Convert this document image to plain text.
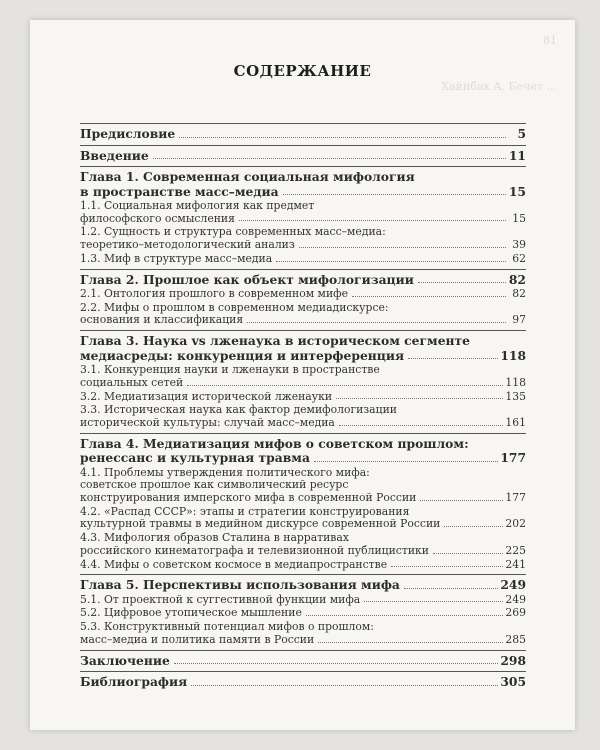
81
Хайнбах А. Бечет ...
СОДЕРЖАНИЕ
Предисловие	5
Введение	11
Глава 1. Современная социальная мифология
в пространстве масс–медиа	15
1.1. Социальная мифология как предмет
философского осмысления	15
1.2. Сущность и структура современных масс–медиа:
теоретико–методологический анализ	39
1.3. Миф в структуре масс–медиа	62
Глава 2. Прошлое как объект мифологизации	82
2.1. Онтология прошлого в современном мифе	82
2.2. Мифы о прошлом в современном медиадискурсе:
основания и классификация	97
Глава 3. Наука vs лженаука в историческом сегменте
медиасреды: конкуренция и интерференция	118
3.1. Конкуренция науки и лженауки в пространстве
социальных сетей	118
3.2. Медиатизация исторической лженауки	135
3.3. Историческая наука как фактор демифологизации
исторической культуры: случай масс–медиа	161
Глава 4. Медиатизация мифов о советском прошлом:
ренессанс и культурная травма	177
4.1. Проблемы утверждения политического мифа:
советское прошлое как символический ресурс
конструирования имперского мифа в современной России	177
4.2. «Распад СССР»: этапы и стратегии конструирования
культурной травмы в медийном дискурсе современной России	202
4.3. Мифология образов Сталина в нарративах
российского кинематографа и телевизионной публицистики	225
4.4. Мифы о советском космосе в медиапространстве	241
Глава 5. Перспективы использования мифа	249
5.1. От проектной к суггестивной функции мифа	249
5.2. Цифровое утопическое мышление	269
5.3. Конструктивный потенциал мифов о прошлом:
масс–медиа и политика памяти в России	285
Заключение	298
Библиография	305
